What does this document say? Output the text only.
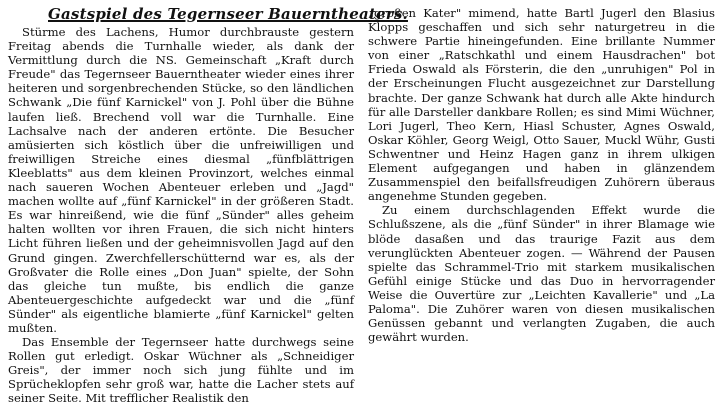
Gastspiel des Tegernseer Bauerntheaters.

Stürme des Lachens, Humor durchbrauste gestern Freitag abends die Turnhalle wieder, als dank der Vermittlung durch die NS. Gemeinschaft „Kraft durch Freude" das Tegernseer Bauerntheater wieder eines ihrer heiteren und sorgenbrechenden Stücke, so den ländlichen Schwank „Die fünf Karnickel" von J. Pohl über die Bühne laufen ließ. Brechend voll war die Turnhalle. Eine Lachsalve nach der anderen ertönte. Die Besucher amüsierten sich köstlich über die unfreiwilligen und freiwilligen Streiche eines diesmal „fünfblättrigen Kleeblatts" aus dem kleinen Provinzort, welches einmal nach saueren Wochen Abenteuer erleben und „Jagd" machen wollte auf „fünf Karnickel" in der größeren Stadt. Es war hinreißend, wie die fünf „Sünder" alles geheim halten wollten vor ihren Frauen, die sich nicht hinters Licht führen ließen und der geheimnisvollen Jagd auf den Grund gingen. Zwerchfellerschütternd war es, als der Großvater die Rolle eines „Don Juan" spielte, der Sohn das gleiche tun mußte, bis endlich die ganze Abenteuergeschichte aufgedeckt war und die „fünf Sünder" als eigentliche blamierte „fünf Karnickel" gelten mußten.

Das Ensemble der Tegernseer hatte durchwegs seine Rollen gut erledigt. Oskar Wüchner als „Schneidiger Greis", der immer noch sich jung fühlte und im Sprücheklopfen sehr groß war, hatte die Lacher stets auf seiner Seite. Mit trefflicher Realistik den

„großen Kater" mimend, hatte Bartl Jugerl den Blasius Klopps geschaffen und sich sehr naturgetreu in die schwere Partie hineingefunden. Eine brillante Nummer von einer „Ratschkathl und einem Hausdrachen" bot Frieda Oswald als Försterin, die den „unruhigen" Pol in der Erscheinungen Flucht ausgezeichnet zur Darstellung brachte. Der ganze Schwank hat durch alle Akte hindurch für alle Darsteller dankbare Rollen; es sind Mimi Wüchner, Lori Jugerl, Theo Kern, Hiasl Schuster, Agnes Oswald, Oskar Köhler, Georg Weigl, Otto Sauer, Muckl Wühr, Gusti Schwentner und Heinz Hagen ganz in ihrem ulkigen Element aufgegangen und haben in glänzendem Zusammenspiel den beifallsfreudigen Zuhörern überaus angenehme Stunden gegeben.

Zu einem durchschlagenden Effekt wurde die Schlußszene, als die „fünf Sünder" in ihrer Blamage wie blöde dasaßen und das traurige Fazit aus dem verunglückten Abenteuer zogen. — Während der Pausen spielte das Schrammel-Trio mit starkem musikalischen Gefühl einige Stücke und das Duo in hervorragender Weise die Ouvertüre zur „Leichten Kavallerie" und „La Paloma". Die Zuhörer waren von diesen musikalischen Genüssen gebannt und verlangten Zugaben, die auch gewährt wurden.
